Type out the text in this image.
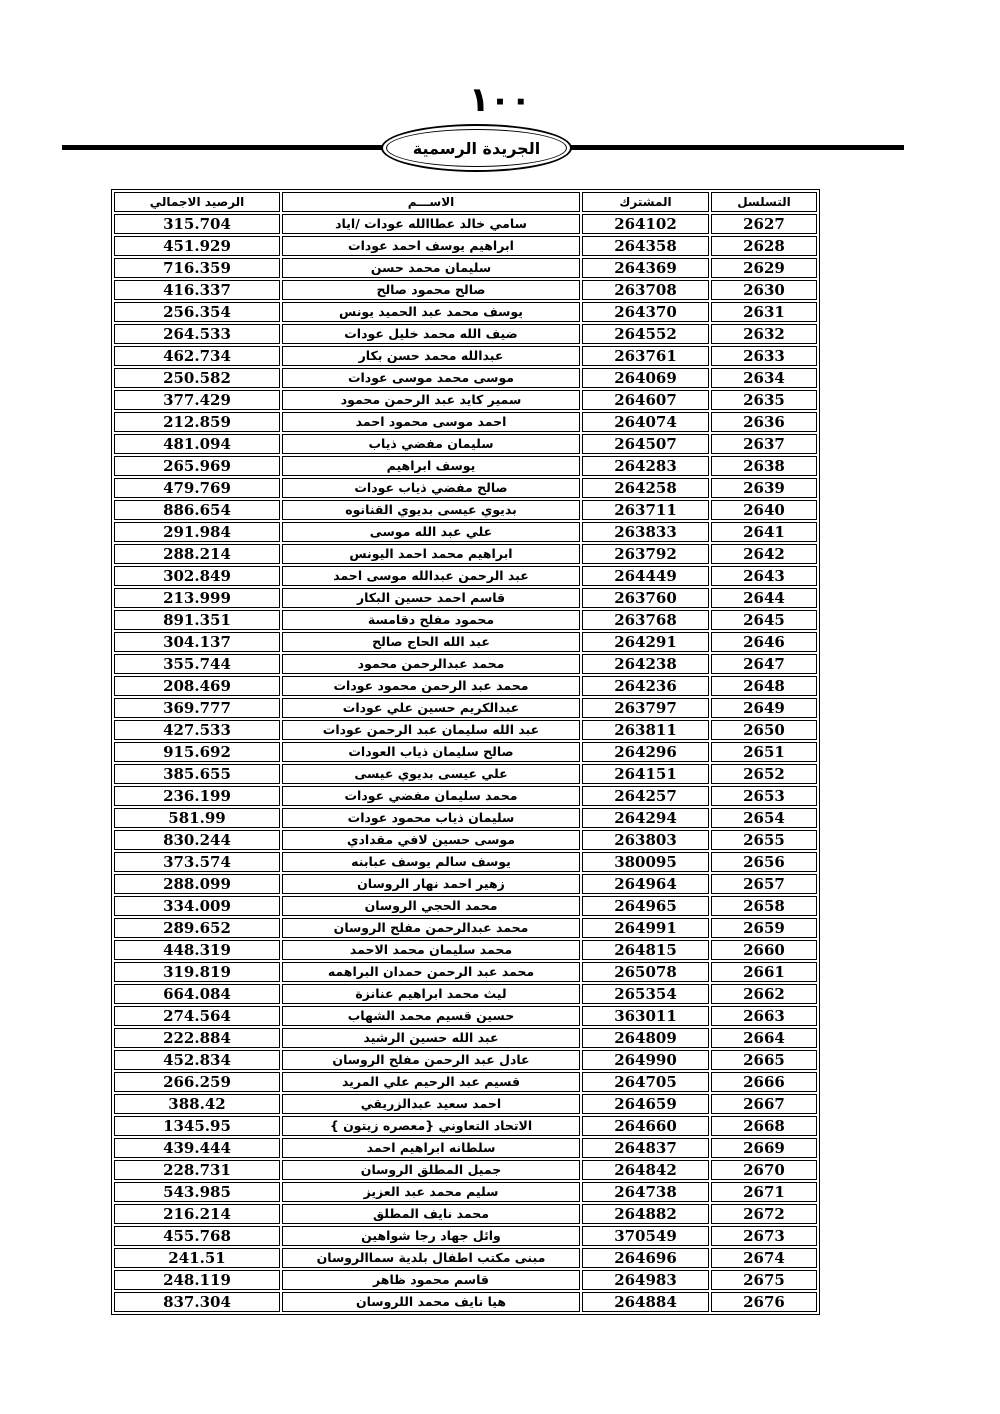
١٠٠
الجريدة الرسمية
التسلسل	المشترك	الاســـم	الرصيد الاجمالي
2627	264102	سامي خالد عطاالله عودات /اياد	315.704
2628	264358	ابراهيم يوسف احمد عودات	451.929
2629	264369	سليمان محمد حسن	716.359
2630	263708	صالح محمود صالح	416.337
2631	264370	يوسف محمد عبد الحميد يونس	256.354
2632	264552	ضيف الله محمد خليل عودات	264.533
2633	263761	عبدالله محمد حسن بكار	462.734
2634	264069	موسى محمد موسى عودات	250.582
2635	264607	سمير كايد عبد الرحمن محمود	377.429
2636	264074	احمد موسى محمود احمد	212.859
2637	264507	سليمان مفضي ذياب	481.094
2638	264283	يوسف ابراهيم	265.969
2639	264258	صالح مفضي ذياب عودات	479.769
2640	263711	بديوي عيسى بديوي القنانوه	886.654
2641	263833	علي عبد الله موسى	291.984
2642	263792	ابراهيم محمد احمد اليونس	288.214
2643	264449	عبد الرحمن عبدالله موسى احمد	302.849
2644	263760	قاسم احمد حسين البكار	213.999
2645	263768	محمود مفلح دقامسة	891.351
2646	264291	عبد الله الحاج صالح	304.137
2647	264238	محمد عبدالرحمن محمود	355.744
2648	264236	محمد عبد الرحمن محمود عودات	208.469
2649	263797	عبدالكريم حسين علي عودات	369.777
2650	263811	عبد الله سليمان عبد الرحمن عودات	427.533
2651	264296	صالح سليمان ذياب العودات	915.692
2652	264151	علي عيسى بديوي عيسى	385.655
2653	264257	محمد سليمان مفضي عودات	236.199
2654	264294	سليمان ذياب محمود عودات	581.99
2655	263803	موسى حسين لافي مقدادي	830.244
2656	380095	يوسف سالم يوسف عبابنه	373.574
2657	264964	زهير احمد نهار الروسان	288.099
2658	264965	محمد الحجي الروسان	334.009
2659	264991	محمد عبدالرحمن مفلح الروسان	289.652
2660	264815	محمد سليمان محمد الاحمد	448.319
2661	265078	محمد عبد الرحمن حمدان البراهمه	319.819
2662	265354	ليث محمد ابراهيم عنانزة	664.084
2663	363011	حسين قسيم محمد الشهاب	274.564
2664	264809	عبد الله حسين الرشيد	222.884
2665	264990	عادل عبد الرحمن مفلح الروسان	452.834
2666	264705	قسيم عبد الرحيم علي المريد	266.259
2667	264659	احمد سعيد عبدالزريقي	388.42
2668	264660	الاتحاد التعاوني {معصره زيتون }	1345.95
2669	264837	سلطانه ابراهيم احمد	439.444
2670	264842	جميل المطلق الروسان	228.731
2671	264738	سليم محمد عبد العزيز	543.985
2672	264882	محمد نايف المطلق	216.214
2673	370549	وائل جهاد رجا شواهين	455.768
2674	264696	مبنى مكتب اطفال بلدية سماالروسان	241.51
2675	264983	قاسم محمود ظاهر	248.119
2676	264884	هيا نايف محمد اللروسان	837.304
